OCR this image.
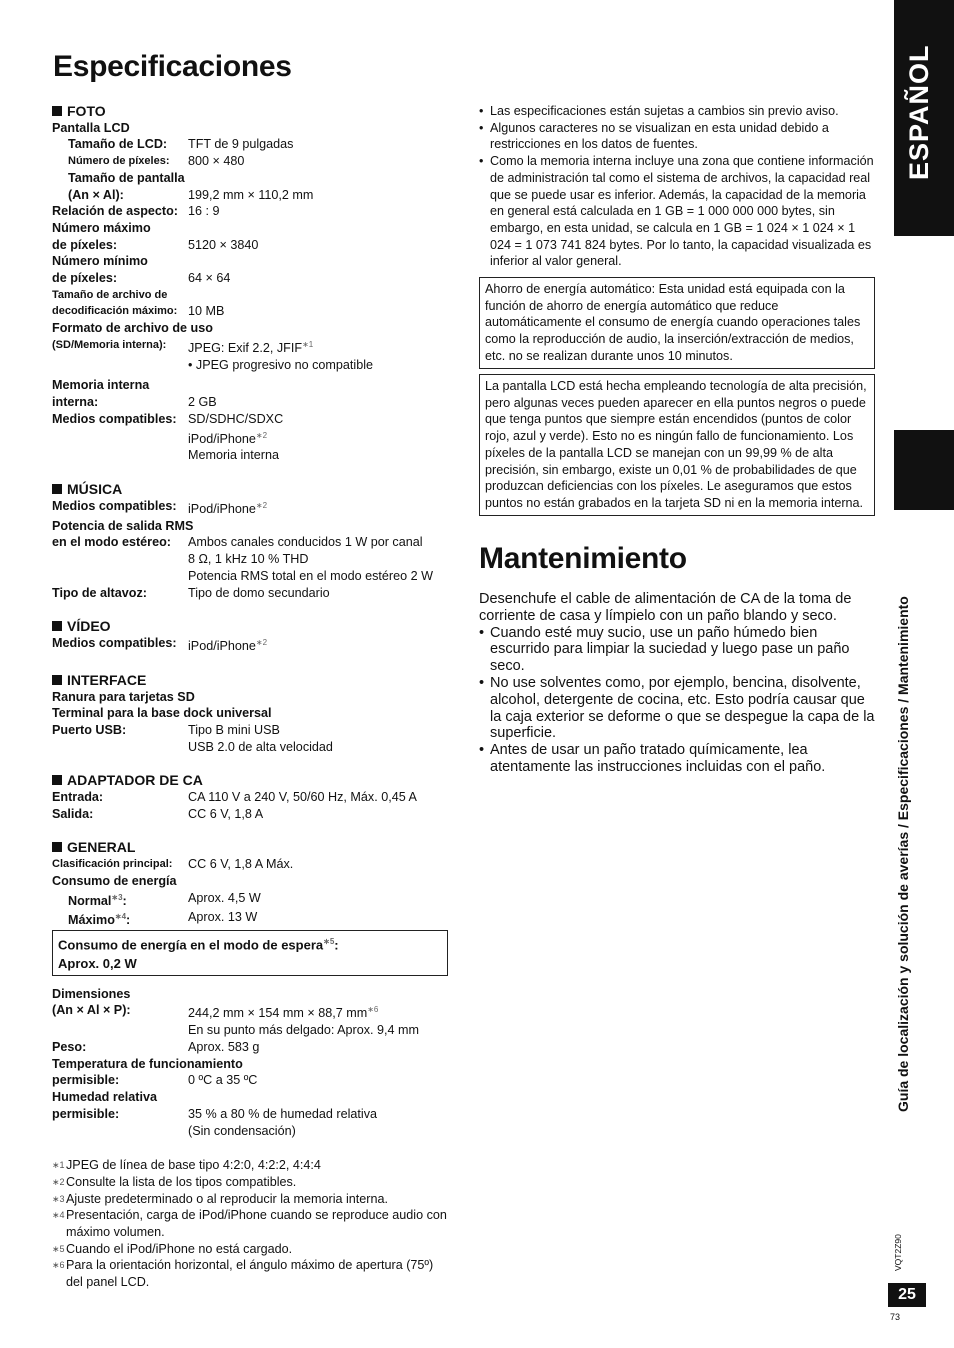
Especificaciones
FOTO
Pantalla LCD
Tamaño de LCD:	TFT de 9 pulgadas
Número de píxeles:	800 × 480
Tamaño de pantalla
(An × Al):	199,2 mm × 110,2 mm
Relación de aspecto: 16 : 9
Número máximo
de píxeles:	5120 × 3840
Número mínimo
de píxeles:	64 × 64
Tamaño de archivo de
decodificación máximo: 10 MB
Formato de archivo de uso
(SD/Memoria interna):	JPEG: Exif 2.2, $JFIF^{∗1}$
• JPEG progresivo no compatible
Memoria interna
interna:	2 GB
Medios compatibles: SD/SDHC/SDXC
iPod/iPhone$^{∗2}$
Memoria interna
MÚSICA
Medios compatibles: iPod/iPhone$^{∗2}$
Potencia de salida RMS
en el modo estéreo:	Ambos canales conducidos 1 W por canal
8 Ω, 1 kHz 10 % THD
Potencia RMS total en el modo estéreo 2 W
Tipo de altavoz:	Tipo de domo secundario
VÍDEO
Medios compatibles: iPod/iPhone$^{∗2}$
INTERFACE
Ranura para tarjetas SD
Terminal para la base dock universal
Puerto USB:	Tipo B mini USB
USB 2.0 de alta velocidad
ADAPTADOR DE CA
Entrada:	CA 110 V a 240 V, 50/60 Hz, Máx. 0,45 A
Salida:	CC 6 V, 1,8 A
GENERAL
Clasificación principal:	CC 6 V, 1,8 A Máx.
Consumo de energía
Normal$^{∗3}$:	Aprox. 4,5 W
Máximo$^{∗4}$:	Aprox. 13 W
Consumo de energía en el modo de espera$^{∗5}$:
Aprox. 0,2 W
Dimensiones
(An × Al × P):	244,2 mm × 154 mm × 88,7 $mm^{∗6}$
En su punto más delgado: Aprox. 9,4 mm
Peso:	Aprox. 583 g
Temperatura de funcionamiento
permisible:	0 ºC a 35 ºC
Humedad relativa
permisible:	35 % a 80 % de humedad relativa
(Sin condensación)
∗1 JPEG de línea de base tipo 4:2:0, 4:2:2, 4:4:4
∗2 Consulte la lista de los tipos compatibles.
∗3 Ajuste predeterminado o al reproducir la memoria interna.
∗4 Presentación, carga de iPod/iPhone cuando se reproduce audio con máximo volumen.
∗5 Cuando el iPod/iPhone no está cargado.
∗6 Para la orientación horizontal, el ángulo máximo de apertura (75º) del panel LCD.
• Las especificaciones están sujetas a cambios sin previo aviso.
• Algunos caracteres no se visualizan en esta unidad debido a restricciones en los datos de fuentes.
• Como la memoria interna incluye una zona que contiene información de administración tal como el sistema de archivos, la capacidad real que se puede usar es inferior. Además, la capacidad de la memoria en general está calculada en 1 GB = 1 000 000 000 bytes, sin embargo, en esta unidad, se calcula en 1 GB = 1 024 × 1 024 × 1 024 = 1 073 741 824 bytes. Por lo tanto, la capacidad visualizada es inferior al valor general.
Ahorro de energía automático: Esta unidad está equipada con la función de ahorro de energía automático que reduce automáticamente el consumo de energía cuando operaciones tales como la reproducción de audio, la inserción/extracción de medios, etc. no se realizan durante unos 10 minutos.
La pantalla LCD está hecha empleando tecnología de alta precisión, pero algunas veces pueden aparecer en ella puntos negros o puede que tenga puntos que siempre están encendidos (puntos de color rojo, azul y verde). Esto no es ningún fallo de funcionamiento. Los píxeles de la pantalla LCD se manejan con un 99,99 % de alta precisión, sin embargo, existe un 0,01 % de probabilidades de que produzcan deficiencias con los píxeles. Le aseguramos que estos puntos no están grabados en la tarjeta SD ni en la memoria interna.
Mantenimiento
Desenchufe el cable de alimentación de CA de la toma de corriente de casa y límpielo con un paño blando y seco.
• Cuando esté muy sucio, use un paño húmedo bien escurrido para limpiar la suciedad y luego pase un paño seco.
• No use solventes como, por ejemplo, bencina, disolvente, alcohol, detergente de cocina, etc. Esto podría causar que la caja exterior se deforme o que se despegue la capa de la superficie.
• Antes de usar un paño tratado químicamente, lea atentamente las instrucciones incluidas con el paño.
ESPAÑOL
Guía de localización y solución de averías / Especificaciones / Mantenimiento
VQT2Z90
25
73
